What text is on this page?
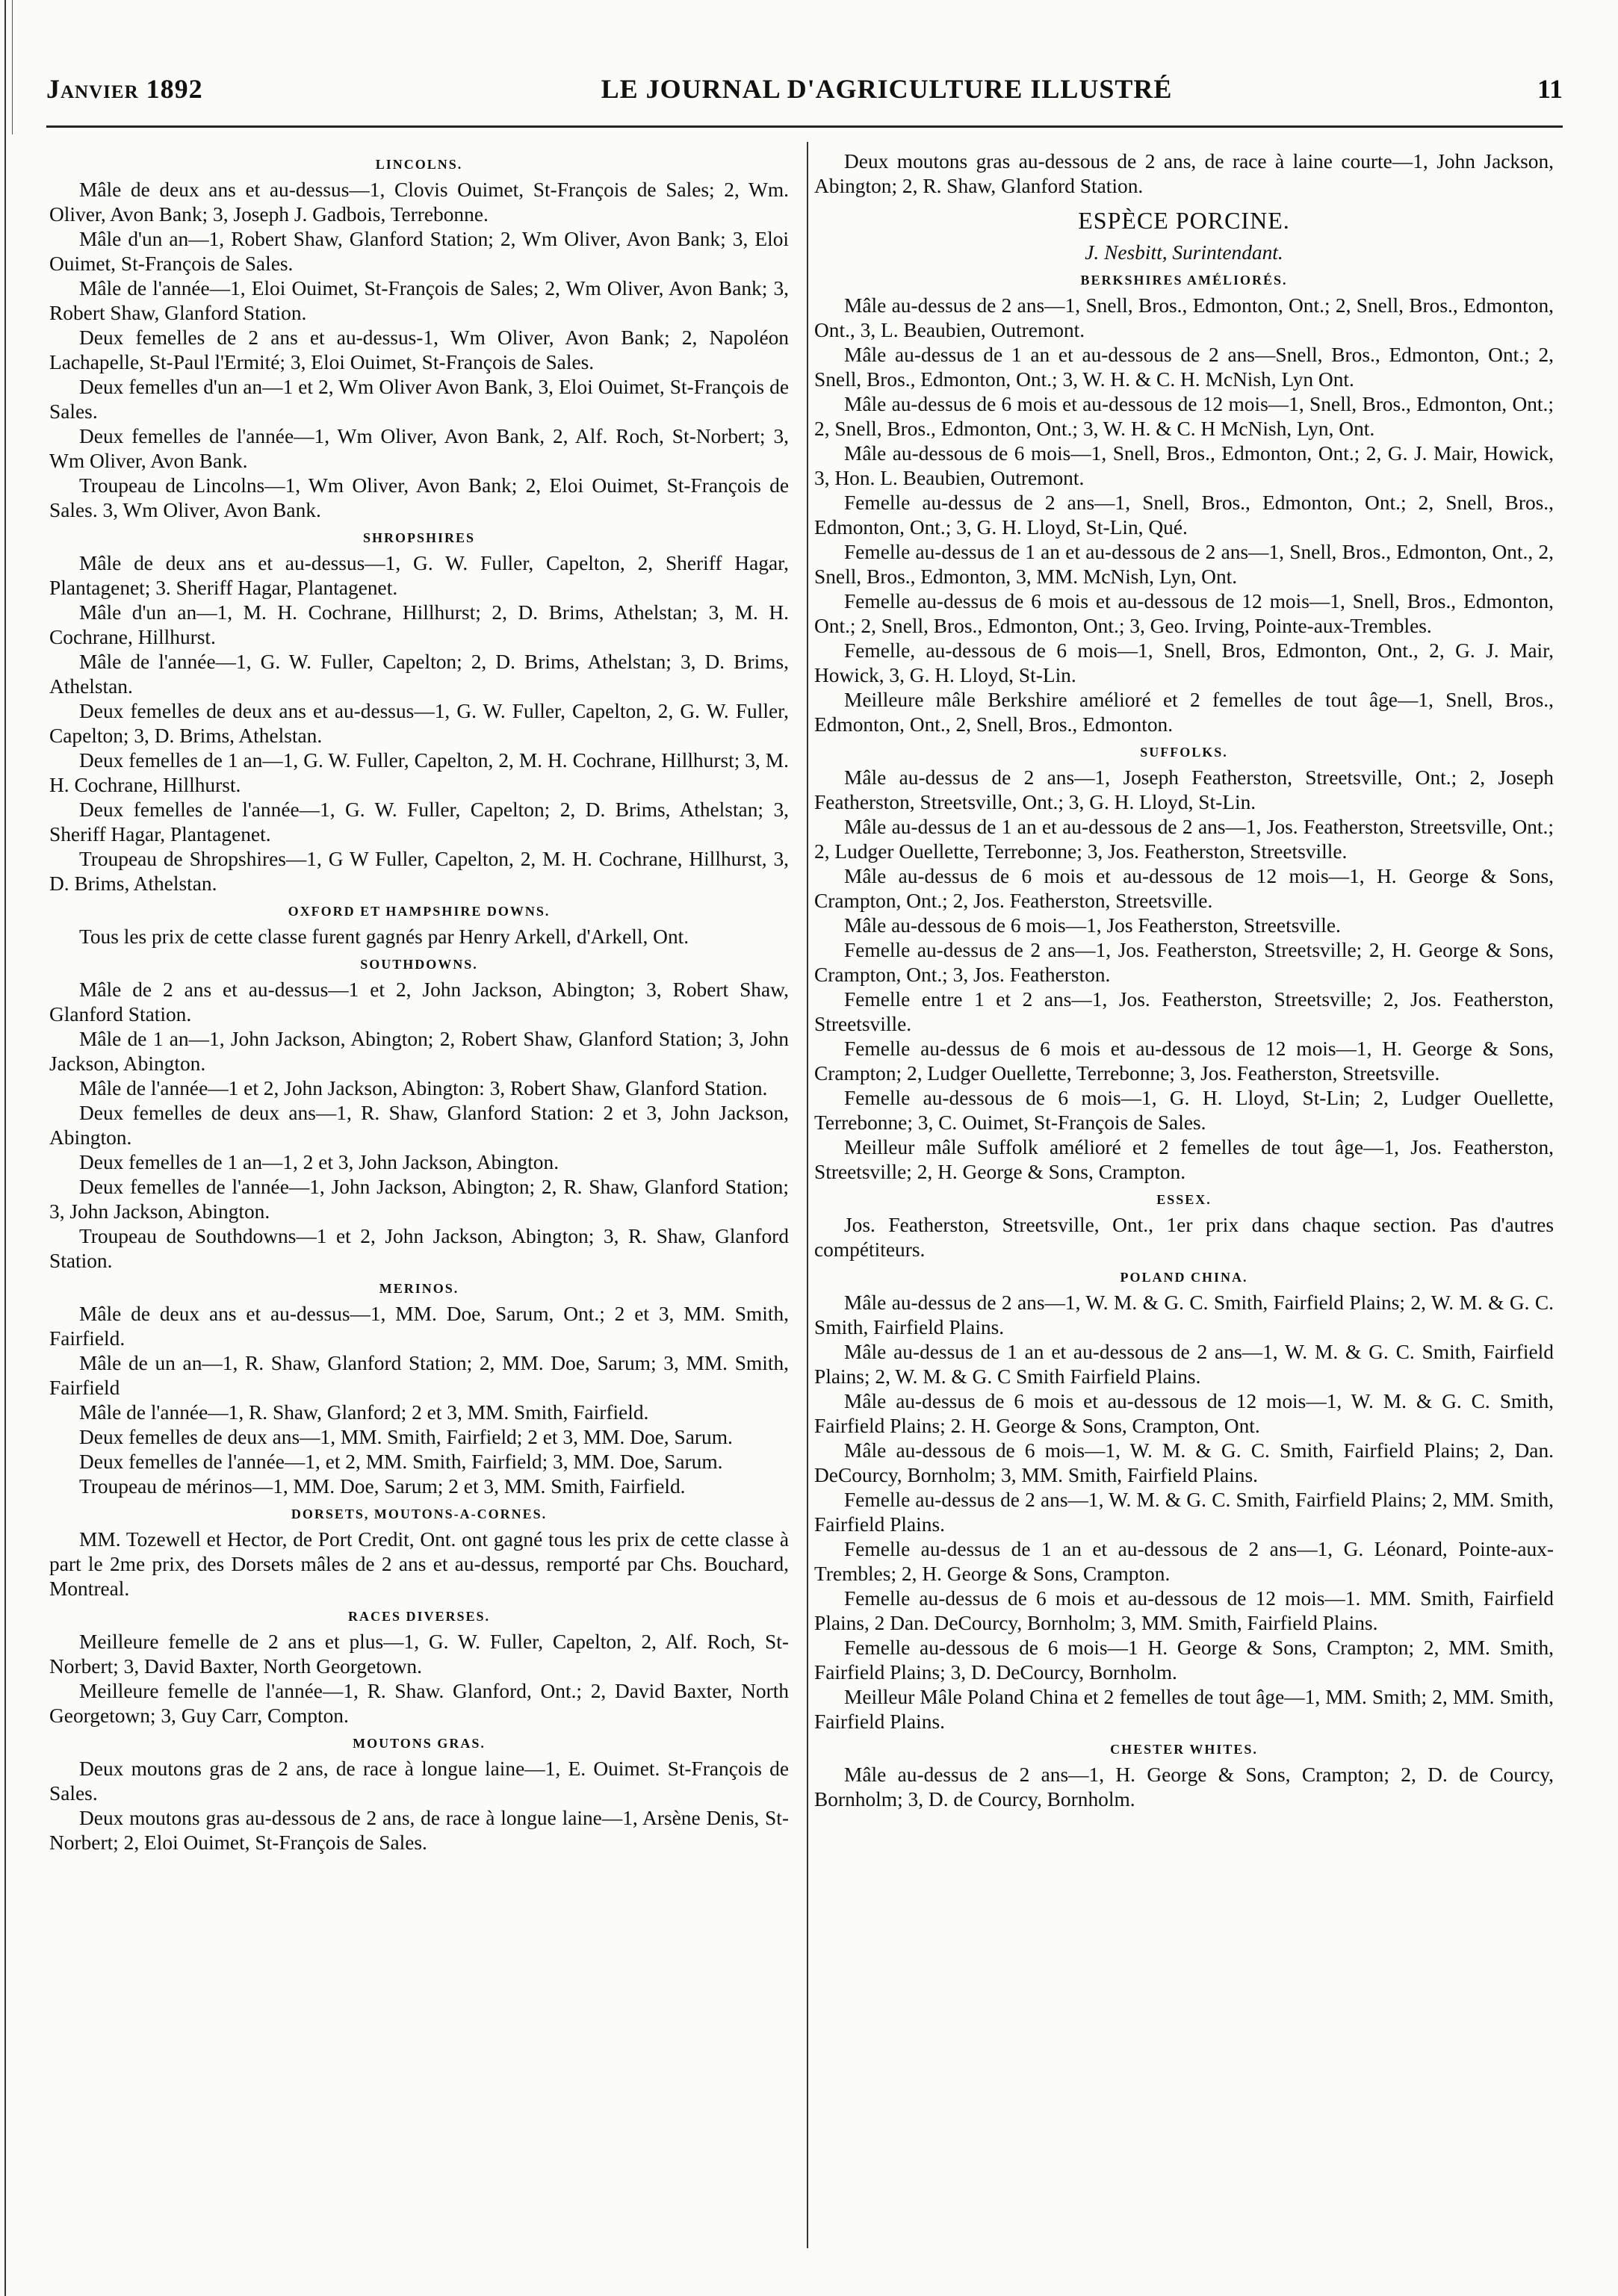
Janvier 1892	LE JOURNAL D'AGRICULTURE ILLUSTRÉ	11
LINCOLNS.
Mâle de deux ans et au-dessus—1, Clovis Ouimet, St-François de Sales; 2, Wm. Oliver, Avon Bank; 3, Joseph J. Gadbois, Terrebonne.
Mâle d'un an—1, Robert Shaw, Glanford Station; 2, Wm Oliver, Avon Bank; 3, Eloi Ouimet, St-François de Sales.
Mâle de l'année—1, Eloi Ouimet, St-François de Sales; 2, Wm Oliver, Avon Bank; 3, Robert Shaw, Glanford Station.
Deux femelles de 2 ans et au-dessus-1, Wm Oliver, Avon Bank; 2, Napoléon Lachapelle, St-Paul l'Ermité; 3, Eloi Ouimet, St-François de Sales.
Deux femelles d'un an—1 et 2, Wm Oliver Avon Bank, 3, Eloi Ouimet, St-François de Sales.
Deux femelles de l'année—1, Wm Oliver, Avon Bank, 2, Alf. Roch, St-Norbert; 3, Wm Oliver, Avon Bank.
Troupeau de Lincolns—1, Wm Oliver, Avon Bank; 2, Eloi Ouimet, St-François de Sales. 3, Wm Oliver, Avon Bank.
SHROPSHIRES
Mâle de deux ans et au-dessus—1, G. W. Fuller, Capelton, 2, Sheriff Hagar, Plantagenet; 3. Sheriff Hagar, Plantagenet.
Mâle d'un an—1, M. H. Cochrane, Hillhurst; 2, D. Brims, Athelstan; 3, M. H. Cochrane, Hillhurst.
Mâle de l'année—1, G. W. Fuller, Capelton; 2, D. Brims, Athelstan; 3, D. Brims, Athelstan.
Deux femelles de deux ans et au-dessus—1, G. W. Fuller, Capelton, 2, G. W. Fuller, Capelton; 3, D. Brims, Athelstan.
Deux femelles de 1 an—1, G. W. Fuller, Capelton, 2, M. H. Cochrane, Hillhurst; 3, M. H. Cochrane, Hillhurst.
Deux femelles de l'année—1, G. W. Fuller, Capelton; 2, D. Brims, Athelstan; 3, Sheriff Hagar, Plantagenet.
Troupeau de Shropshires—1, G W Fuller, Capelton, 2, M. H. Cochrane, Hillhurst, 3, D. Brims, Athelstan.
OXFORD ET HAMPSHIRE DOWNS.
Tous les prix de cette classe furent gagnés par Henry Arkell, d'Arkell, Ont.
SOUTHDOWNS.
Mâle de 2 ans et au-dessus—1 et 2, John Jackson, Abington; 3, Robert Shaw, Glanford Station.
Mâle de 1 an—1, John Jackson, Abington; 2, Robert Shaw, Glanford Station; 3, John Jackson, Abington.
Mâle de l'année—1 et 2, John Jackson, Abington: 3, Robert Shaw, Glanford Station.
Deux femelles de deux ans—1, R. Shaw, Glanford Station: 2 et 3, John Jackson, Abington.
Deux femelles de 1 an—1, 2 et 3, John Jackson, Abington.
Deux femelles de l'année—1, John Jackson, Abington; 2, R. Shaw, Glanford Station; 3, John Jackson, Abington.
Troupeau de Southdowns—1 et 2, John Jackson, Abington; 3, R. Shaw, Glanford Station.
MERINOS.
Mâle de deux ans et au-dessus—1, MM. Doe, Sarum, Ont.; 2 et 3, MM. Smith, Fairfield.
Mâle de un an—1, R. Shaw, Glanford Station; 2, MM. Doe, Sarum; 3, MM. Smith, Fairfield
Mâle de l'année—1, R. Shaw, Glanford; 2 et 3, MM. Smith, Fairfield.
Deux femelles de deux ans—1, MM. Smith, Fairfield; 2 et 3, MM. Doe, Sarum.
Deux femelles de l'année—1, et 2, MM. Smith, Fairfield; 3, MM. Doe, Sarum.
Troupeau de mérinos—1, MM. Doe, Sarum; 2 et 3, MM. Smith, Fairfield.
DORSETS, MOUTONS-A-CORNES.
MM. Tozewell et Hector, de Port Credit, Ont. ont gagné tous les prix de cette classe à part le 2me prix, des Dorsets mâles de 2 ans et au-dessus, remporté par Chs. Bouchard, Montreal.
RACES DIVERSES.
Meilleure femelle de 2 ans et plus—1, G. W. Fuller, Capelton, 2, Alf. Roch, St-Norbert; 3, David Baxter, North Georgetown.
Meilleure femelle de l'année—1, R. Shaw. Glanford, Ont.; 2, David Baxter, North Georgetown; 3, Guy Carr, Compton.
MOUTONS GRAS.
Deux moutons gras de 2 ans, de race à longue laine—1, E. Ouimet. St-François de Sales.
Deux moutons gras au-dessous de 2 ans, de race à longue laine—1, Arsène Denis, St-Norbert; 2, Eloi Ouimet, St-François de Sales.
Deux moutons gras au-dessous de 2 ans, de race à laine courte—1, John Jackson, Abington; 2, R. Shaw, Glanford Station.
ESPÈCE PORCINE.
J. Nesbitt, Surintendant.
BERKSHIRES AMÉLIORÉS.
Mâle au-dessus de 2 ans—1, Snell, Bros., Edmonton, Ont.; 2, Snell, Bros., Edmonton, Ont., 3, L. Beaubien, Outremont.
Mâle au-dessus de 1 an et au-dessous de 2 ans—Snell, Bros., Edmonton, Ont.; 2, Snell, Bros., Edmonton, Ont.; 3, W. H. & C. H. McNish, Lyn Ont.
Mâle au-dessus de 6 mois et au-dessous de 12 mois—1, Snell, Bros., Edmonton, Ont.; 2, Snell, Bros., Edmonton, Ont.; 3, W. H. & C. H McNish, Lyn, Ont.
Mâle au-dessous de 6 mois—1, Snell, Bros., Edmonton, Ont.; 2, G. J. Mair, Howick, 3, Hon. L. Beaubien, Outremont.
Femelle au-dessus de 2 ans—1, Snell, Bros., Edmonton, Ont.; 2, Snell, Bros., Edmonton, Ont.; 3, G. H. Lloyd, St-Lin, Qué.
Femelle au-dessus de 1 an et au-dessous de 2 ans—1, Snell, Bros., Edmonton, Ont., 2, Snell, Bros., Edmonton, 3, MM. McNish, Lyn, Ont.
Femelle au-dessus de 6 mois et au-dessous de 12 mois—1, Snell, Bros., Edmonton, Ont.; 2, Snell, Bros., Edmonton, Ont.; 3, Geo. Irving, Pointe-aux-Trembles.
Femelle, au-dessous de 6 mois—1, Snell, Bros, Edmonton, Ont., 2, G. J. Mair, Howick, 3, G. H. Lloyd, St-Lin.
Meilleure mâle Berkshire amélioré et 2 femelles de tout âge—1, Snell, Bros., Edmonton, Ont., 2, Snell, Bros., Edmonton.
SUFFOLKS.
Mâle au-dessus de 2 ans—1, Joseph Featherston, Streetsville, Ont.; 2, Joseph Featherston, Streetsville, Ont.; 3, G. H. Lloyd, St-Lin.
Mâle au-dessus de 1 an et au-dessous de 2 ans—1, Jos. Featherston, Streetsville, Ont.; 2, Ludger Ouellette, Terrebonne; 3, Jos. Featherston, Streetsville.
Mâle au-dessus de 6 mois et au-dessous de 12 mois—1, H. George & Sons, Crampton, Ont.; 2, Jos. Featherston, Streetsville.
Mâle au-dessous de 6 mois—1, Jos Featherston, Streetsville.
Femelle au-dessus de 2 ans—1, Jos. Featherston, Streetsville; 2, H. George & Sons, Crampton, Ont.; 3, Jos. Featherston.
Femelle entre 1 et 2 ans—1, Jos. Featherston, Streetsville; 2, Jos. Featherston, Streetsville.
Femelle au-dessus de 6 mois et au-dessous de 12 mois—1, H. George & Sons, Crampton; 2, Ludger Ouellette, Terrebonne; 3, Jos. Featherston, Streetsville.
Femelle au-dessous de 6 mois—1, G. H. Lloyd, St-Lin; 2, Ludger Ouellette, Terrebonne; 3, C. Ouimet, St-François de Sales.
Meilleur mâle Suffolk amélioré et 2 femelles de tout âge—1, Jos. Featherston, Streetsville; 2, H. George & Sons, Crampton.
ESSEX.
Jos. Featherston, Streetsville, Ont., 1er prix dans chaque section. Pas d'autres compétiteurs.
POLAND CHINA.
Mâle au-dessus de 2 ans—1, W. M. & G. C. Smith, Fairfield Plains; 2, W. M. & G. C. Smith, Fairfield Plains.
Mâle au-dessus de 1 an et au-dessous de 2 ans—1, W. M. & G. C. Smith, Fairfield Plains; 2, W. M. & G. C Smith Fairfield Plains.
Mâle au-dessus de 6 mois et au-dessous de 12 mois—1, W. M. & G. C. Smith, Fairfield Plains; 2. H. George & Sons, Crampton, Ont.
Mâle au-dessous de 6 mois—1, W. M. & G. C. Smith, Fairfield Plains; 2, Dan. DeCourcy, Bornholm; 3, MM. Smith, Fairfield Plains.
Femelle au-dessus de 2 ans—1, W. M. & G. C. Smith, Fairfield Plains; 2, MM. Smith, Fairfield Plains.
Femelle au-dessus de 1 an et au-dessous de 2 ans—1, G. Léonard, Pointe-aux-Trembles; 2, H. George & Sons, Crampton.
Femelle au-dessus de 6 mois et au-dessous de 12 mois—1. MM. Smith, Fairfield Plains, 2 Dan. DeCourcy, Bornholm; 3, MM. Smith, Fairfield Plains.
Femelle au-dessous de 6 mois—1 H. George & Sons, Crampton; 2, MM. Smith, Fairfield Plains; 3, D. DeCourcy, Bornholm.
Meilleur Mâle Poland China et 2 femelles de tout âge—1, MM. Smith; 2, MM. Smith, Fairfield Plains.
CHESTER WHITES.
Mâle au-dessus de 2 ans—1, H. George & Sons, Crampton; 2, D. de Courcy, Bornholm; 3, D. de Courcy, Bornholm.
